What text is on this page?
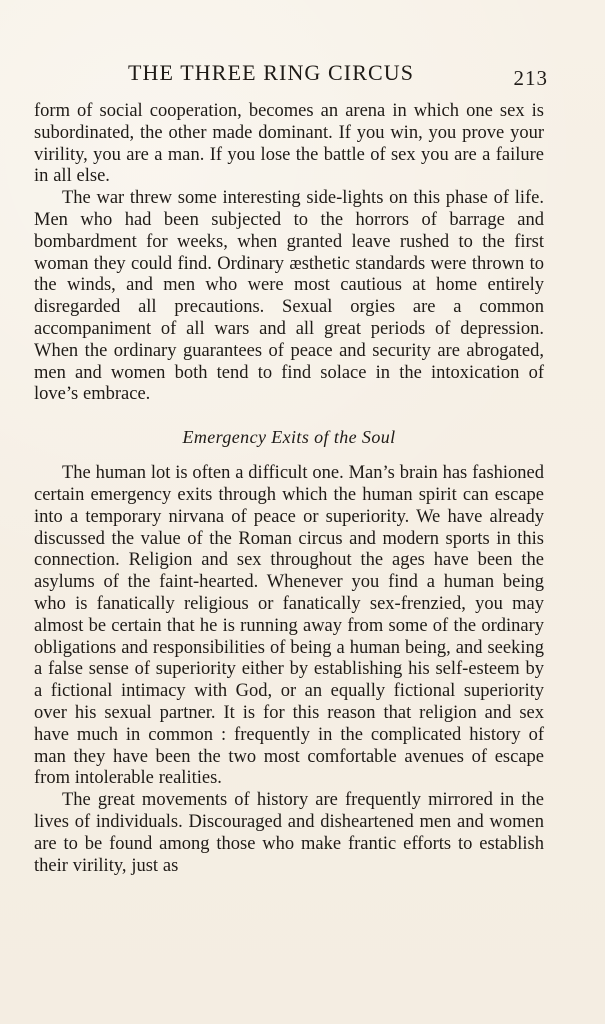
THE THREE RING CIRCUS	213

form of social cooperation, becomes an arena in which one sex is subordinated, the other made dominant. If you win, you prove your virility, you are a man. If you lose the battle of sex you are a failure in all else.

The war threw some interesting side-lights on this phase of life. Men who had been subjected to the horrors of barrage and bombardment for weeks, when granted leave rushed to the first woman they could find. Ordinary æsthetic standards were thrown to the winds, and men who were most cautious at home entirely disregarded all precautions. Sexual orgies are a common accompaniment of all wars and all great periods of depression. When the ordinary guarantees of peace and security are abrogated, men and women both tend to find solace in the intoxication of love’s embrace.

Emergency Exits of the Soul

The human lot is often a difficult one. Man’s brain has fashioned certain emergency exits through which the human spirit can escape into a temporary nirvana of peace or superiority. We have already discussed the value of the Roman circus and modern sports in this connection. Religion and sex throughout the ages have been the asylums of the faint-hearted. Whenever you find a human being who is fanatically religious or fanatically sex-frenzied, you may almost be certain that he is running away from some of the ordinary obligations and responsibilities of being a human being, and seeking a false sense of superiority either by establishing his self-esteem by a fictional intimacy with God, or an equally fictional superiority over his sexual partner. It is for this reason that religion and sex have much in common : frequently in the complicated history of man they have been the two most comfortable avenues of escape from intolerable realities.

The great movements of history are frequently mirrored in the lives of individuals. Discouraged and disheartened men and women are to be found among those who make frantic efforts to establish their virility, just as
